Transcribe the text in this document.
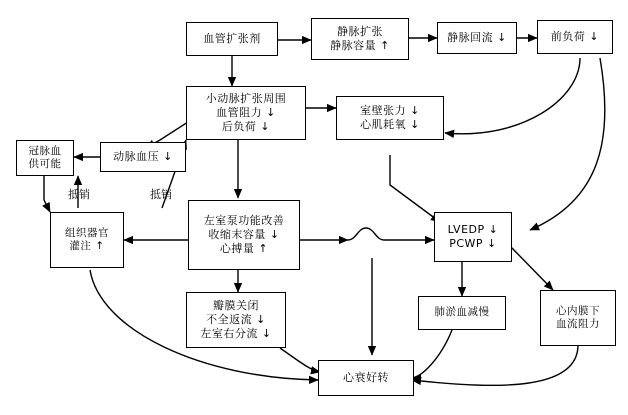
血管扩张剂
静脉扩张
静脉容量 ↑
静脉回流 ↓	前负荷 ↓
小动脉扩张周围
血管阻力 ↓
后负荷 ↓
室壁张力 ↓
心肌耗氧 ↓
动脉血压 ↓
冠脉血
供可能
组织器官
灌注 ↑
左室泵功能改善
收缩末容量 ↓
心搏量 ↑
LVEDP ↓
PCWP ↓
瓣膜关闭
不全返流 ↓
左室右分流 ↓
肺淤血减慢	心内膜下
血流阻力
心衰好转
抵销	抵销
